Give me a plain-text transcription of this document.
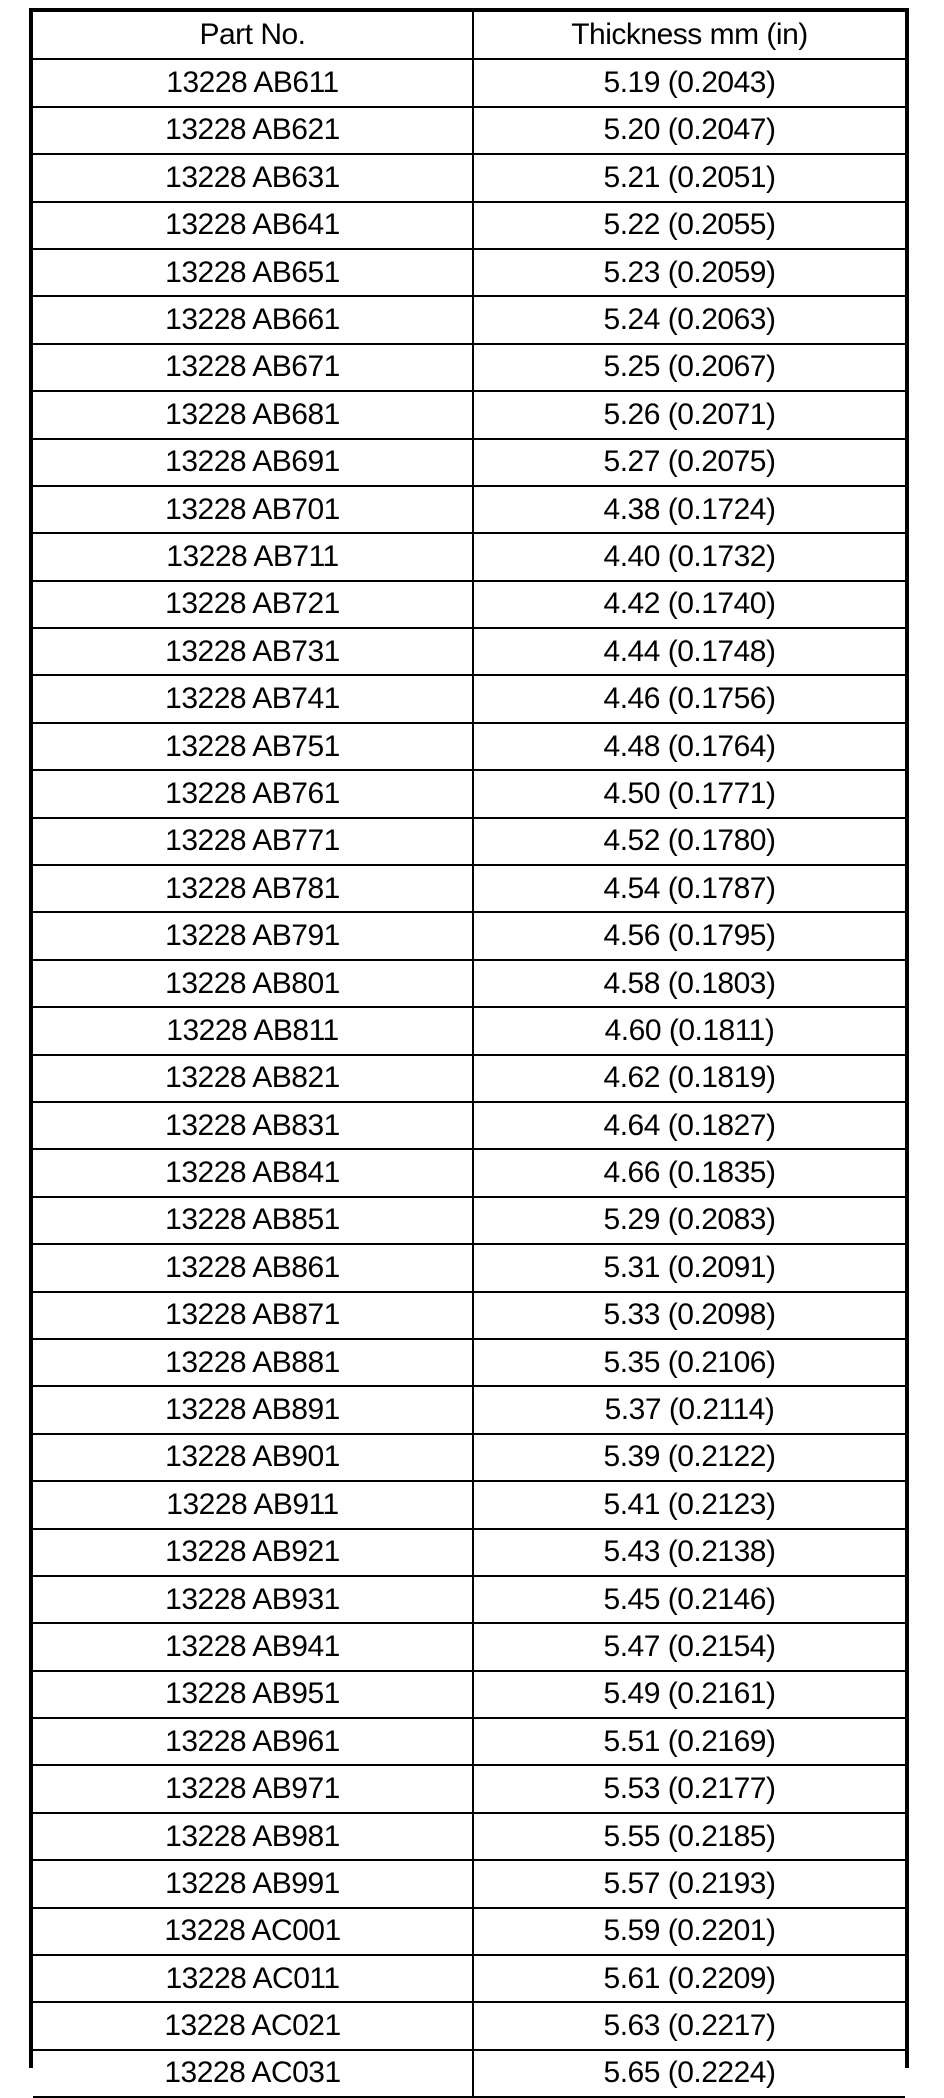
Part No.	Thickness mm (in)
13228 AB611	5.19 (0.2043)
13228 AB621	5.20 (0.2047)
13228 AB631	5.21 (0.2051)
13228 AB641	5.22 (0.2055)
13228 AB651	5.23 (0.2059)
13228 AB661	5.24 (0.2063)
13228 AB671	5.25 (0.2067)
13228 AB681	5.26 (0.2071)
13228 AB691	5.27 (0.2075)
13228 AB701	4.38 (0.1724)
13228 AB711	4.40 (0.1732)
13228 AB721	4.42 (0.1740)
13228 AB731	4.44 (0.1748)
13228 AB741	4.46 (0.1756)
13228 AB751	4.48 (0.1764)
13228 AB761	4.50 (0.1771)
13228 AB771	4.52 (0.1780)
13228 AB781	4.54 (0.1787)
13228 AB791	4.56 (0.1795)
13228 AB801	4.58 (0.1803)
13228 AB811	4.60 (0.1811)
13228 AB821	4.62 (0.1819)
13228 AB831	4.64 (0.1827)
13228 AB841	4.66 (0.1835)
13228 AB851	5.29 (0.2083)
13228 AB861	5.31 (0.2091)
13228 AB871	5.33 (0.2098)
13228 AB881	5.35 (0.2106)
13228 AB891	5.37 (0.2114)
13228 AB901	5.39 (0.2122)
13228 AB911	5.41 (0.2123)
13228 AB921	5.43 (0.2138)
13228 AB931	5.45 (0.2146)
13228 AB941	5.47 (0.2154)
13228 AB951	5.49 (0.2161)
13228 AB961	5.51 (0.2169)
13228 AB971	5.53 (0.2177)
13228 AB981	5.55 (0.2185)
13228 AB991	5.57 (0.2193)
13228 AC001	5.59 (0.2201)
13228 AC011	5.61 (0.2209)
13228 AC021	5.63 (0.2217)
13228 AC031	5.65 (0.2224)
